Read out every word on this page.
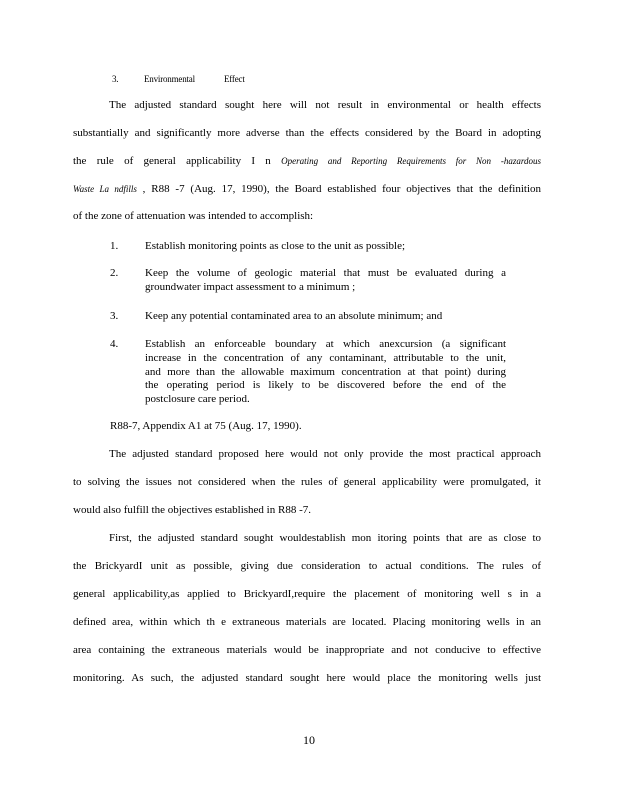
3.	Environmental	Effect

The adjusted standard sought here will not result in environmental or health effects

substantially and significantly more adverse than the effects considered by the Board in adopting

the rule of general applicability I n Operating and Reporting Requirements for Non -hazardous

Waste La ndfills , R88 -7 (Aug. 17, 1990), the Board established four objectives that the definition

of the zone of attenuation was intended to accomplish:

1.	Establish monitoring points as close to the unit as possible;
2.	Keep the volume of geologic material that must be evaluated during a
groundwater impact assessment to a minimum ;
3.	Keep any potential contaminated area to an absolute minimum; and
4.	Establish an enforceable boundary at which anexcursion (a significant
increase in the concentration of any contaminant, attributable to the unit,
and more than the allowable maximum concentration at that point) during
the operating period is likely to be discovered before the end of the
postclosure care period.

R88-7, Appendix A1 at 75 (Aug. 17, 1990).

The adjusted standard proposed here would not only provide the most practical approach

to solving the issues not considered when the rules of general applicability were promulgated, it

would also fulfill the objectives established in R88 -7.

First, the adjusted standard sought wouldestablish mon itoring points that are as close to

the BrickyardI unit as possible, giving due consideration to actual conditions. The rules of

general applicability,as applied to BrickyardI,require the placement of monitoring well s in a

defined area, within which th e extraneous materials are located. Placing monitoring wells in an

area containing the extraneous materials would be inappropriate and not conducive to effective

monitoring. As such, the adjusted standard sought here would place the monitoring wells just

10
